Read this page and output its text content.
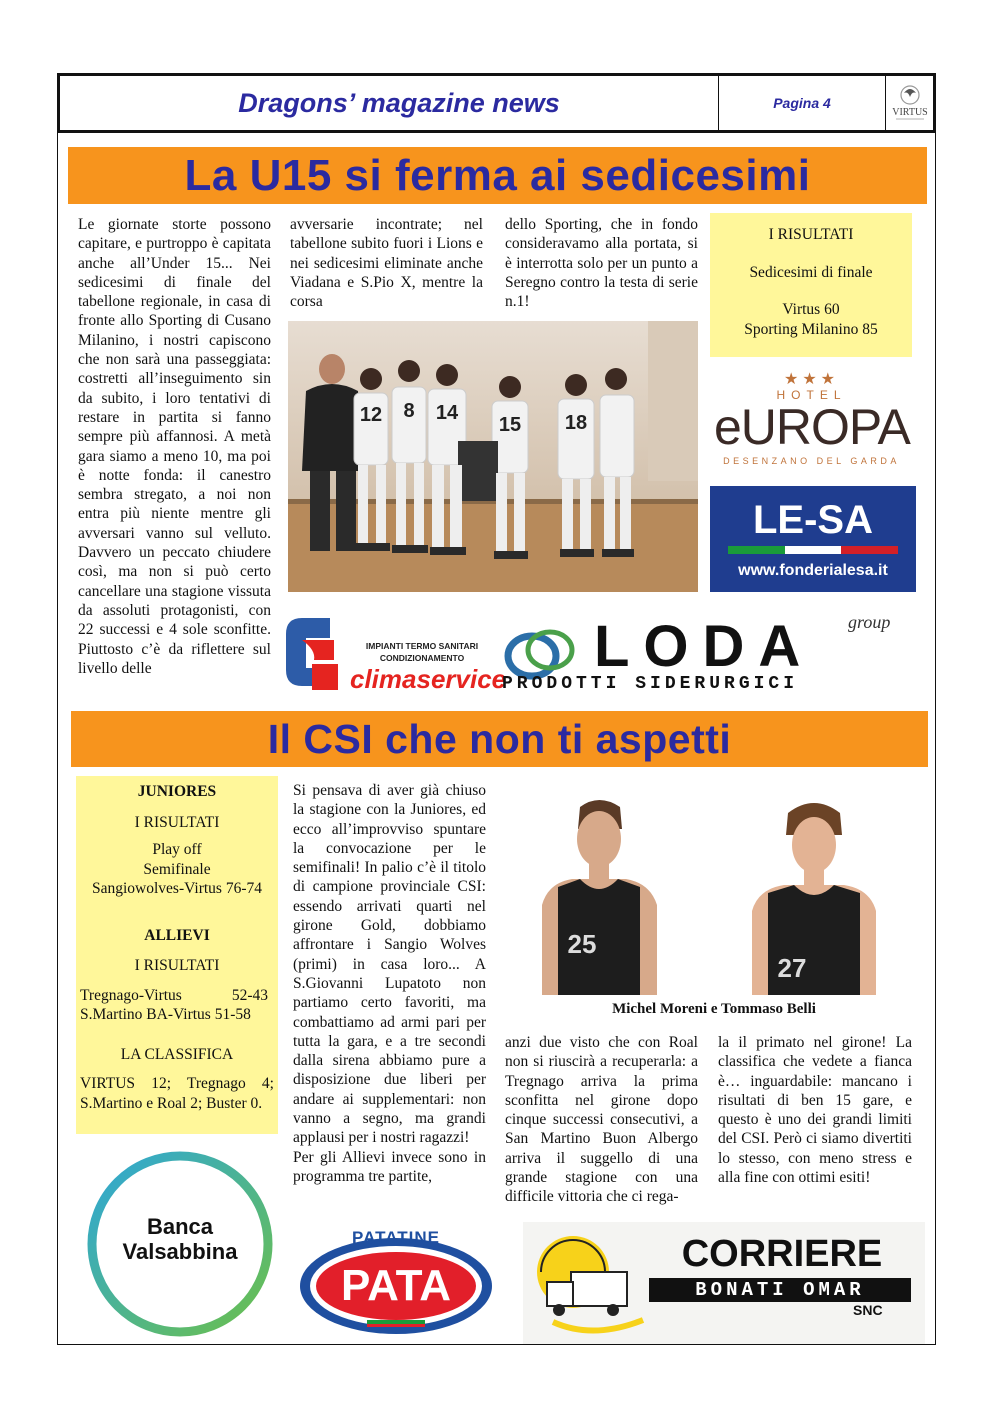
Dragons’ magazine news	Pagina 4
VIRTUS
La U15 si ferma ai sedicesimi
Le giornate storte possono capitare, e purtroppo è capitata anche all’Under 15... Nei sedicesimi di finale del tabellone regionale, in casa di fronte allo Sporting di Cusano Milanino, i nostri capiscono che non sarà una passeggiata: costretti all’inseguimento sin da subito, i loro tentativi di restare in partita si fanno sempre più affannosi. A metà gara siamo a meno 10, ma poi è notte fonda: il canestro sembra stregato, a noi non entra più niente mentre gli avversari vanno sul velluto. Davvero un peccato chiudere così, ma non si può certo cancellare una stagione vissuta da assoluti protagonisti, con 22 successi e 4 sole sconfitte. Piuttosto c’è da riflettere sul livello delle
avversarie incontrate; nel tabellone subito fuori i Lions e nei sedicesimi eliminate anche Viadana e S.Pio X, mentre la corsa
dello Sporting, che in fondo consideravamo alla portata, si è interrotta solo per un punto a Seregno contro la testa di serie n.1!
I RISULTATI
Sedicesimi di finale
Virtus 60
Sporting Milanino 85
12 8 14
15 18
★★★
HOTEL
eUROPA
DESENZANO DEL GARDA
LE-SA
www.fonderialesa.it
IMPIANTI TERMO SANITARI
CONDIZIONAMENTO
climaservice LODA group
PRODOTTI SIDERURGICI
Il CSI che non ti aspetti
JUNIORES
I RISULTATI
Play off
Semifinale
Sangiowolves-Virtus 76-74
ALLIEVI
I RISULTATI
Tregnago-Virtus	52-43
S.Martino BA-Virtus 51-58
LA CLASSIFICA
VIRTUS 12; Tregnago 4; S.Martino e Roal 2; Buster 0.
Si pensava di aver già chiuso la stagione con la Juniores, ed ecco all’improvviso spuntare la convocazione per le semifinali! In palio c’è il titolo di campione provinciale CSI: essendo arrivati quarti nel girone Gold, dobbiamo affrontare i Sangio Wolves (primi) in casa loro... A S.Giovanni Lupatoto non partiamo certo favoriti, ma combattiamo ad armi pari per tutta la gara, e a tre secondi dalla sirena abbiamo pure a disposizione due liberi per andare ai supplementari: non vanno a segno, ma grandi applausi per i nostri ragazzi!
Per gli Allievi invece sono in programma tre partite,
25
27
Michel Moreni e Tommaso Belli
anzi due visto che con Roal non si riuscirà a recuperarla: a Tregnago arriva la prima sconfitta nel girone dopo cinque successi consecutivi, a San Martino Buon Albergo arriva il suggello di una grande stagione con una difficile vittoria che ci rega-
la il primato nel girone! La classifica che vedete a fianca è… inguardabile: mancano i risultati di ben 15 gare, e questo è uno dei grandi limiti del CSI. Però ci siamo divertiti lo stesso, con meno stress e alla fine con ottimi esiti!
Banca
Valsabbina
PATATINE
PATA
CORRIERE
BONATI OMAR
SNC
